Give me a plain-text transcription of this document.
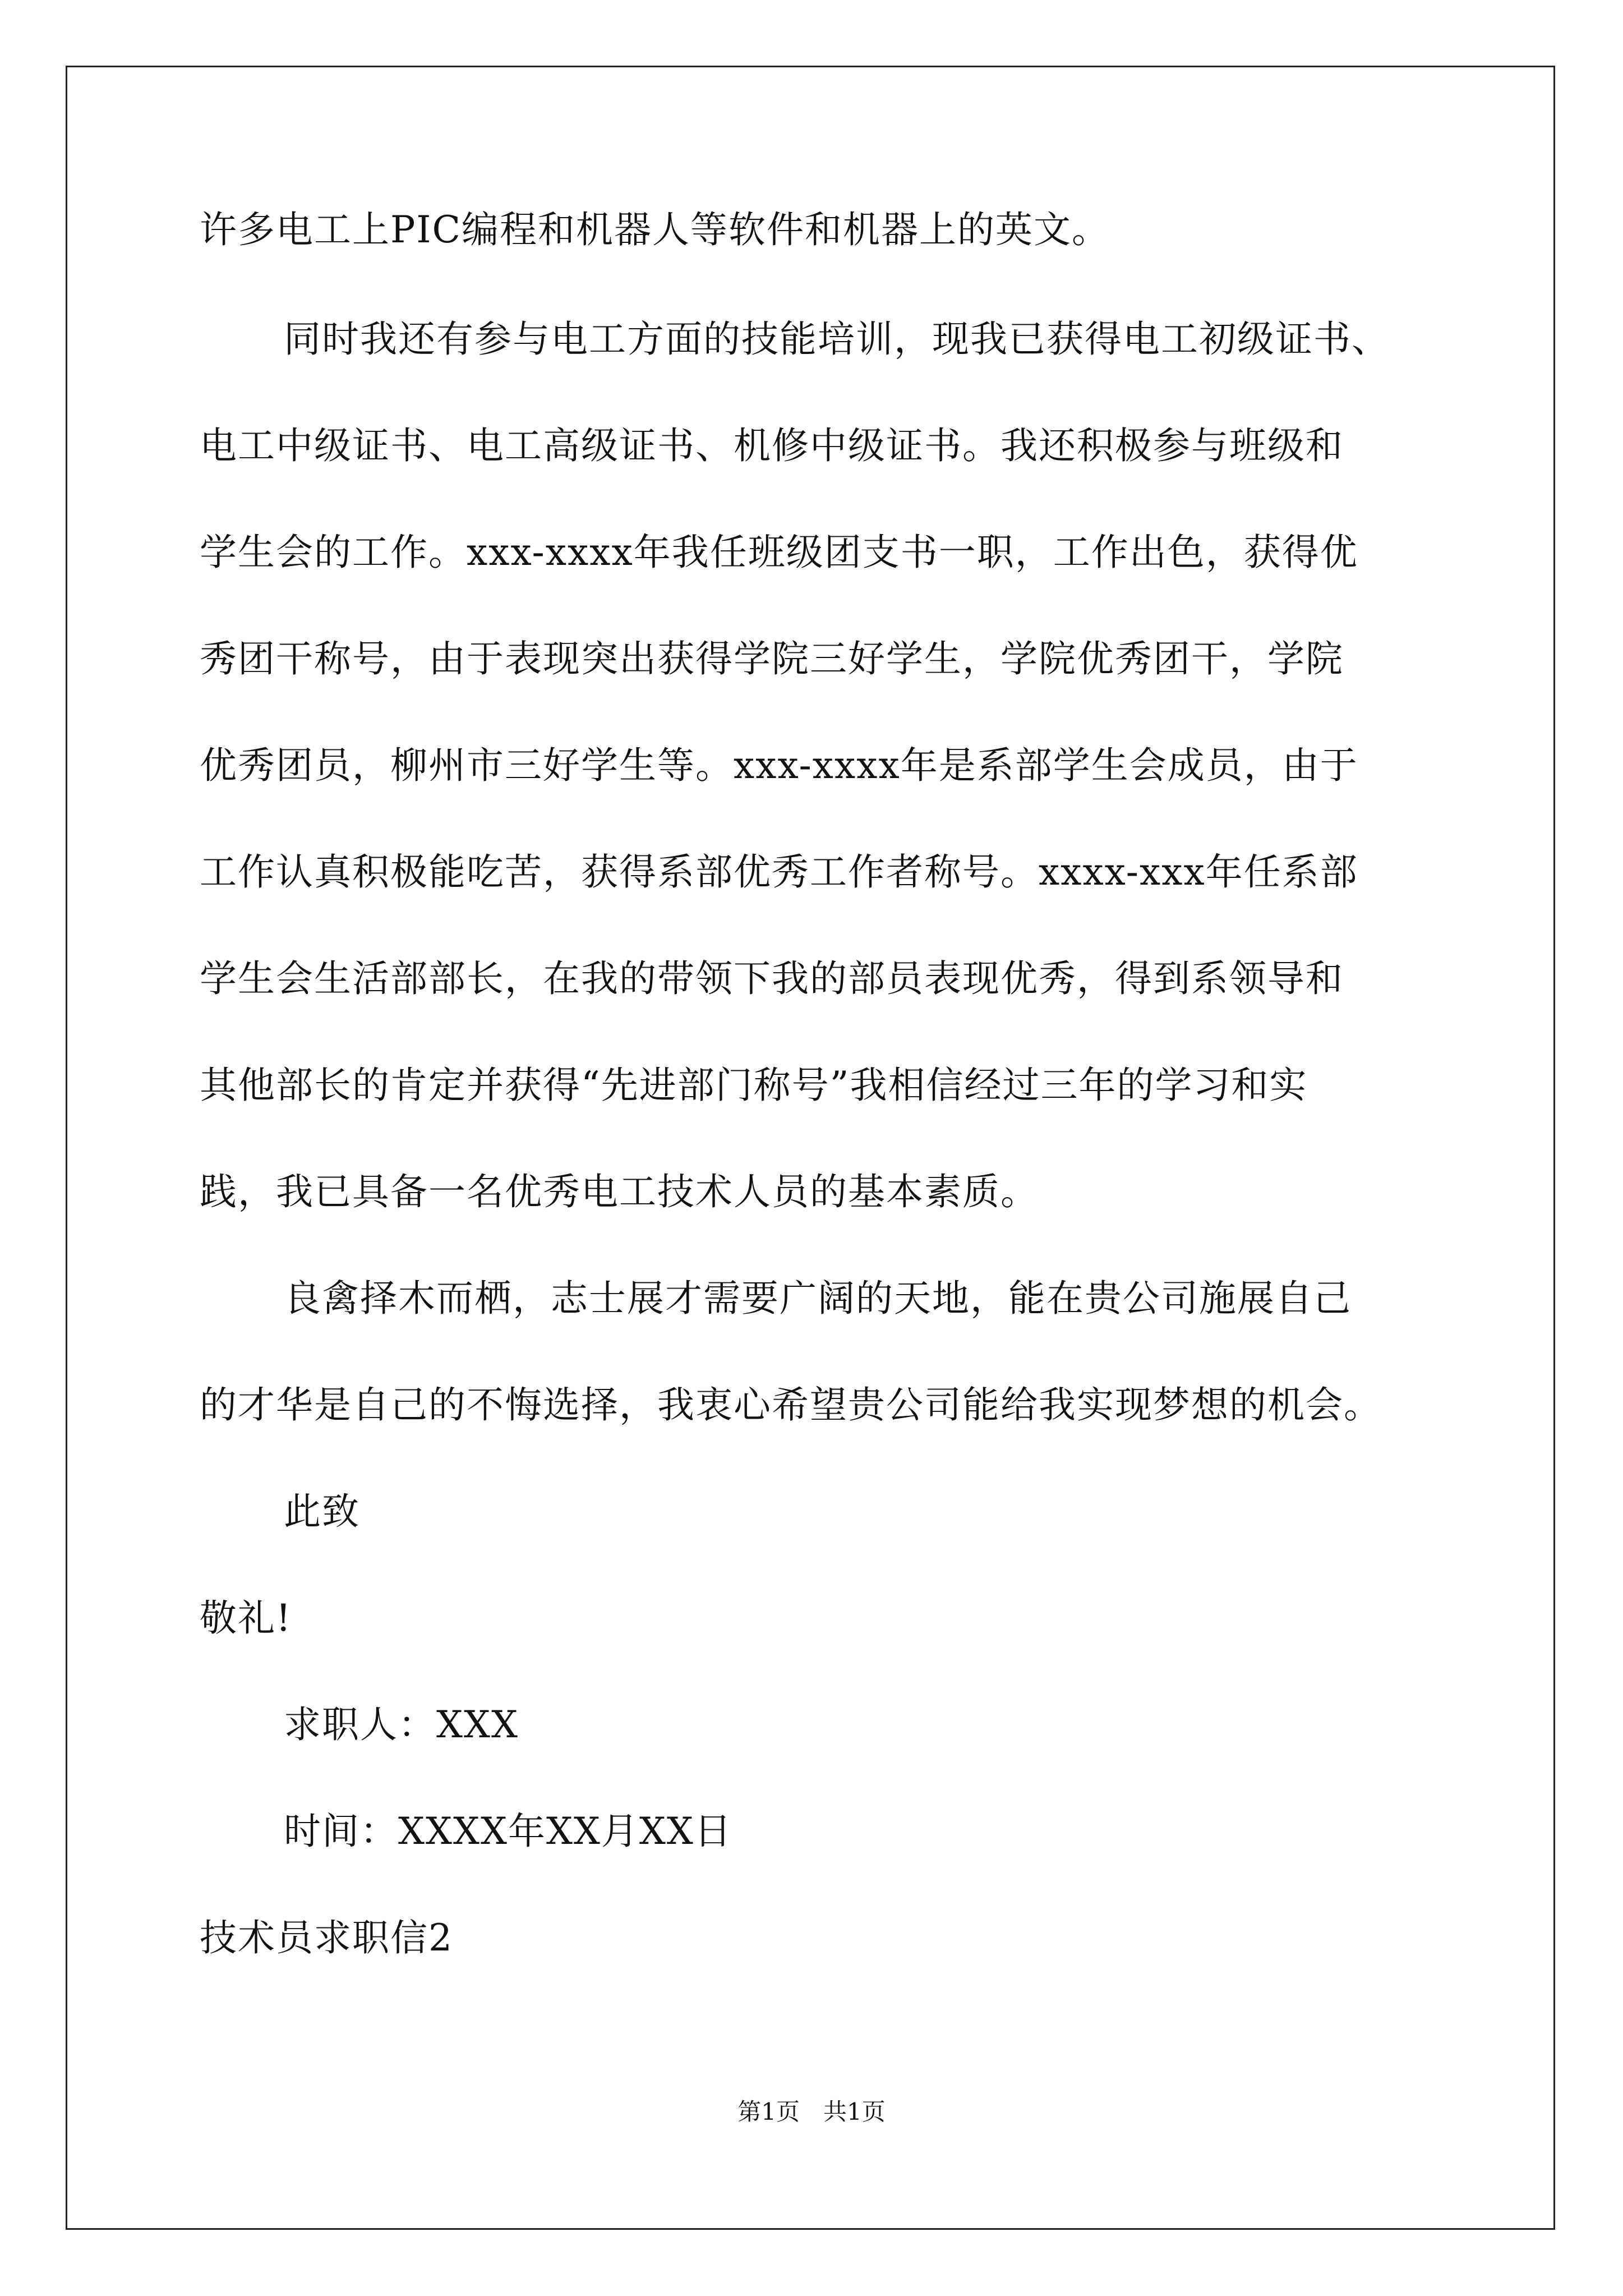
许多电工上PIC编程和机器人等软件和机器上的英文。
同时我还有参与电工方面的技能培训，现我已获得电工初级证书、
电工中级证书、电工高级证书、机修中级证书。我还积极参与班级和
学生会的工作。xxx-xxxx年我任班级团支书一职，工作出色，获得优
秀团干称号，由于表现突出获得学院三好学生，学院优秀团干，学院
优秀团员，柳州市三好学生等。xxx-xxxx年是系部学生会成员，由于
工作认真积极能吃苦，获得系部优秀工作者称号。xxxx-xxx年任系部
学生会生活部部长，在我的带领下我的部员表现优秀，得到系领导和
其他部长的肯定并获得“先进部门称号”我相信经过三年的学习和实
践，我已具备一名优秀电工技术人员的基本素质。
良禽择木而栖，志士展才需要广阔的天地，能在贵公司施展自己
的才华是自己的不悔选择，我衷心希望贵公司能给我实现梦想的机会。
此致
敬礼!
求职人：XXX
时间：XXXX年XX月XX日
技术员求职信2
第1页　共1页
